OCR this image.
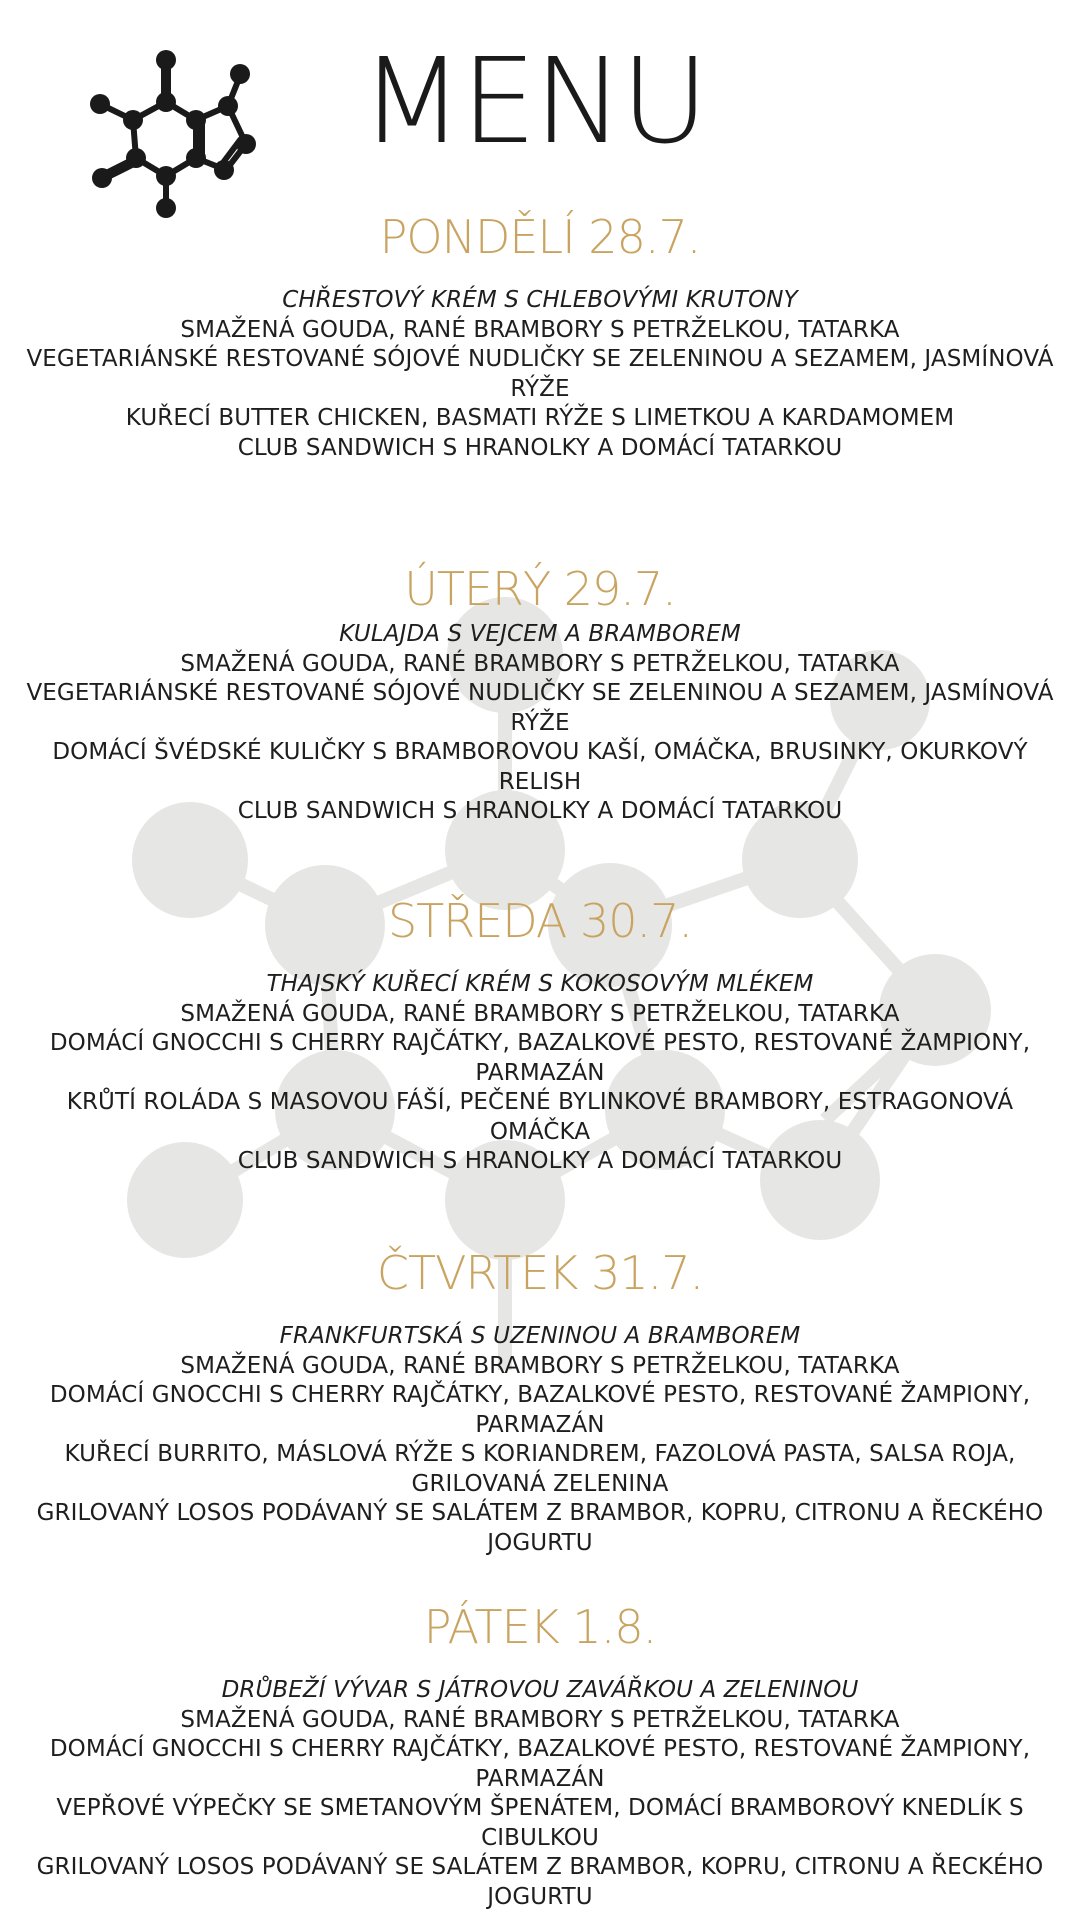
MENU
PONDĚLÍ 28.7.
CHŘESTOVÝ KRÉM S CHLEBOVÝMI KRUTONY
SMAŽENÁ GOUDA, RANÉ BRAMBORY S PETRŽELKOU, TATARKA
VEGETARIÁNSKÉ RESTOVANÉ SÓJOVÉ NUDLIČKY SE ZELENINOU A SEZAMEM, JASMÍNOVÁ RÝŽE
KUŘECÍ BUTTER CHICKEN, BASMATI RÝŽE S LIMETKOU A KARDAMOMEM
CLUB SANDWICH S HRANOLKY A DOMÁCÍ TATARKOU
ÚTERÝ 29.7.
KULAJDA S VEJCEM A BRAMBOREM
SMAŽENÁ GOUDA, RANÉ BRAMBORY S PETRŽELKOU, TATARKA
VEGETARIÁNSKÉ RESTOVANÉ SÓJOVÉ NUDLIČKY SE ZELENINOU A SEZAMEM, JASMÍNOVÁ RÝŽE
DOMÁCÍ ŠVÉDSKÉ KULIČKY S BRAMBOROVOU KAŠÍ, OMÁČKA, BRUSINKY, OKURKOVÝ RELISH
CLUB SANDWICH S HRANOLKY A DOMÁCÍ TATARKOU
STŘEDA 30.7.
THAJSKÝ KUŘECÍ KRÉM S KOKOSOVÝM MLÉKEM
SMAŽENÁ GOUDA, RANÉ BRAMBORY S PETRŽELKOU, TATARKA
DOMÁCÍ GNOCCHI S CHERRY RAJČÁTKY, BAZALKOVÉ PESTO, RESTOVANÉ ŽAMPIONY, PARMAZÁN
KRŮTÍ ROLÁDA S MASOVOU FÁŠÍ, PEČENÉ BYLINKOVÉ BRAMBORY, ESTRAGONOVÁ OMÁČKA
CLUB SANDWICH S HRANOLKY A DOMÁCÍ TATARKOU
ČTVRTEK 31.7.
FRANKFURTSKÁ S UZENINOU A BRAMBOREM
SMAŽENÁ GOUDA, RANÉ BRAMBORY S PETRŽELKOU, TATARKA
DOMÁCÍ GNOCCHI S CHERRY RAJČÁTKY, BAZALKOVÉ PESTO, RESTOVANÉ ŽAMPIONY, PARMAZÁN
KUŘECÍ BURRITO, MÁSLOVÁ RÝŽE S KORIANDREM, FAZOLOVÁ PASTA, SALSA ROJA, GRILOVANÁ ZELENINA
GRILOVANÝ LOSOS PODÁVANÝ SE SALÁTEM Z BRAMBOR, KOPRU, CITRONU A ŘECKÉHO JOGURTU
PÁTEK 1.8.
DRŮBEŽÍ VÝVAR S JÁTROVOU ZAVÁŘKOU A ZELENINOU
SMAŽENÁ GOUDA, RANÉ BRAMBORY S PETRŽELKOU, TATARKA
DOMÁCÍ GNOCCHI S CHERRY RAJČÁTKY, BAZALKOVÉ PESTO, RESTOVANÉ ŽAMPIONY, PARMAZÁN
VEPŘOVÉ VÝPEČKY SE SMETANOVÝM ŠPENÁTEM, DOMÁCÍ BRAMBOROVÝ KNEDLÍK S CIBULKOU
GRILOVANÝ LOSOS PODÁVANÝ SE SALÁTEM Z BRAMBOR, KOPRU, CITRONU A ŘECKÉHO JOGURTU
